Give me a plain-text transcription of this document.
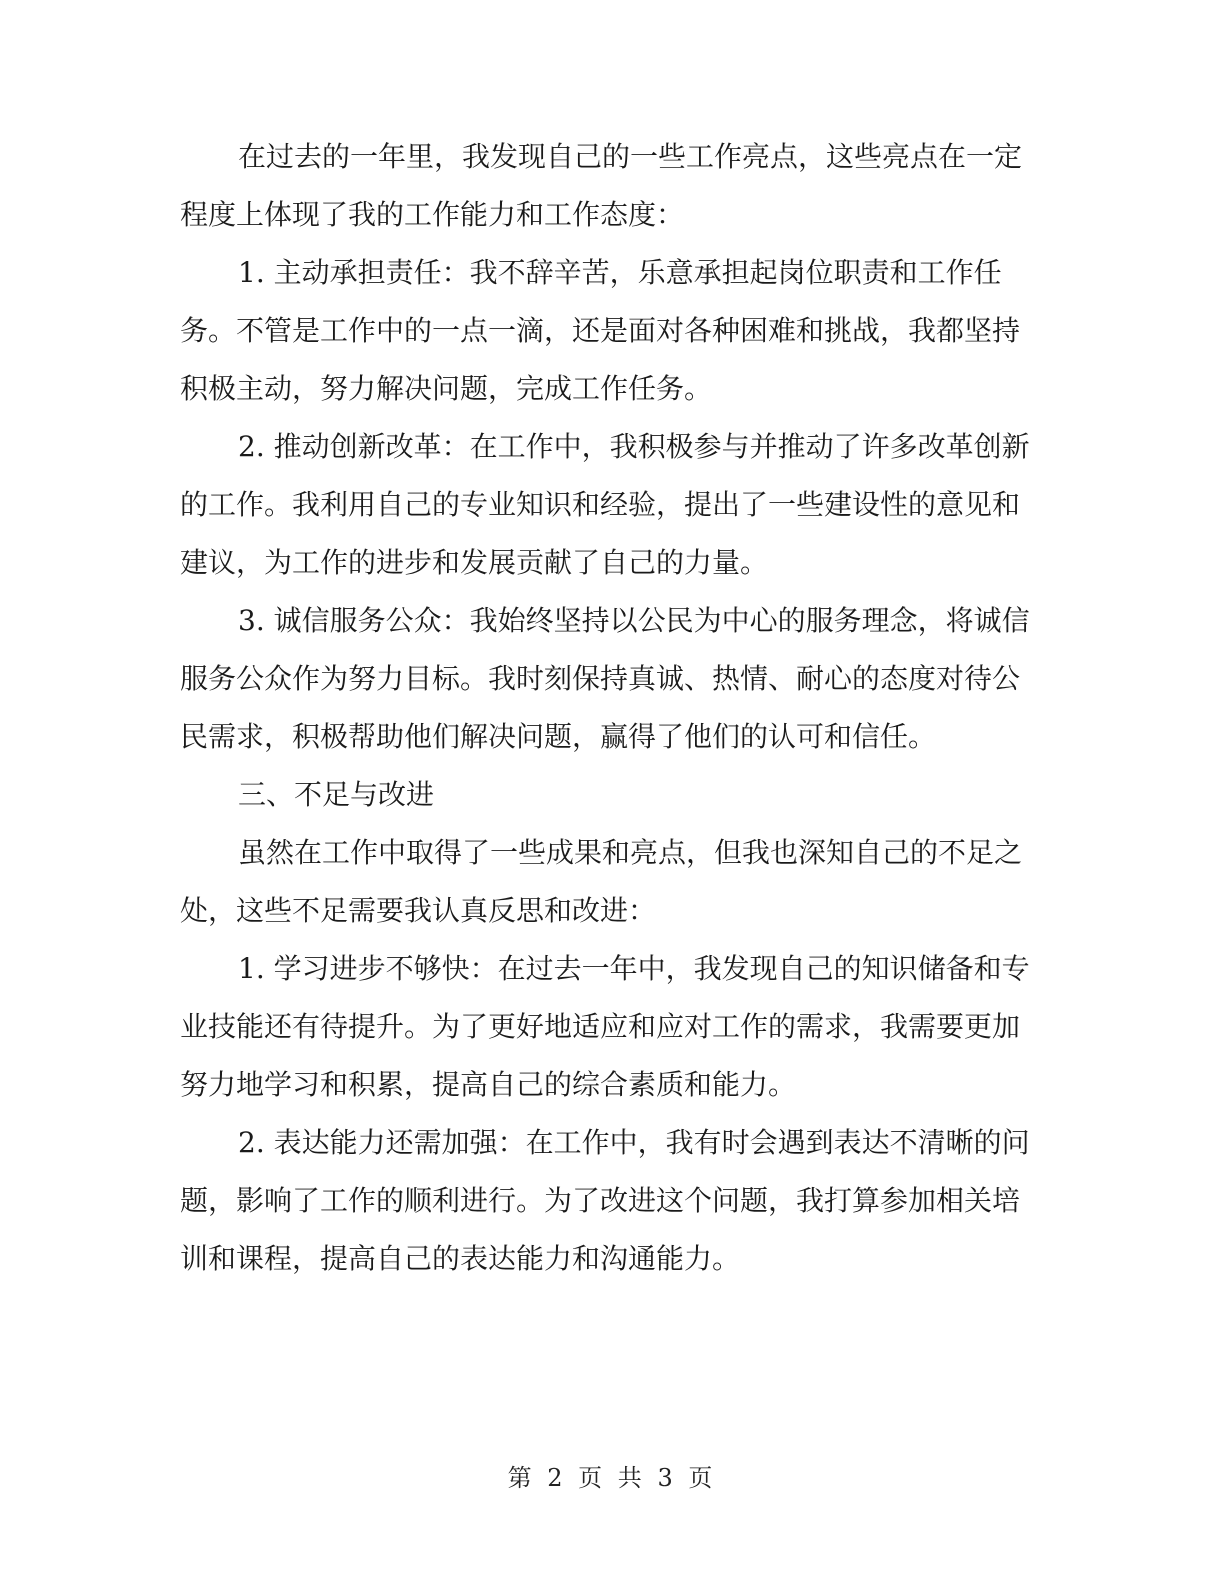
在过去的一年里，我发现自己的一些工作亮点，这些亮点在一定程度上体现了我的工作能力和工作态度：

1. 主动承担责任：我不辞辛苦，乐意承担起岗位职责和工作任务。不管是工作中的一点一滴，还是面对各种困难和挑战，我都坚持积极主动，努力解决问题，完成工作任务。

2. 推动创新改革：在工作中，我积极参与并推动了许多改革创新的工作。我利用自己的专业知识和经验，提出了一些建设性的意见和建议，为工作的进步和发展贡献了自己的力量。

3. 诚信服务公众：我始终坚持以公民为中心的服务理念，将诚信服务公众作为努力目标。我时刻保持真诚、热情、耐心的态度对待公民需求，积极帮助他们解决问题，赢得了他们的认可和信任。

三、不足与改进

虽然在工作中取得了一些成果和亮点，但我也深知自己的不足之处，这些不足需要我认真反思和改进：

1. 学习进步不够快：在过去一年中，我发现自己的知识储备和专业技能还有待提升。为了更好地适应和应对工作的需求，我需要更加努力地学习和积累，提高自己的综合素质和能力。

2. 表达能力还需加强：在工作中，我有时会遇到表达不清晰的问题，影响了工作的顺利进行。为了改进这个问题，我打算参加相关培训和课程，提高自己的表达能力和沟通能力。

第 2 页 共 3 页
